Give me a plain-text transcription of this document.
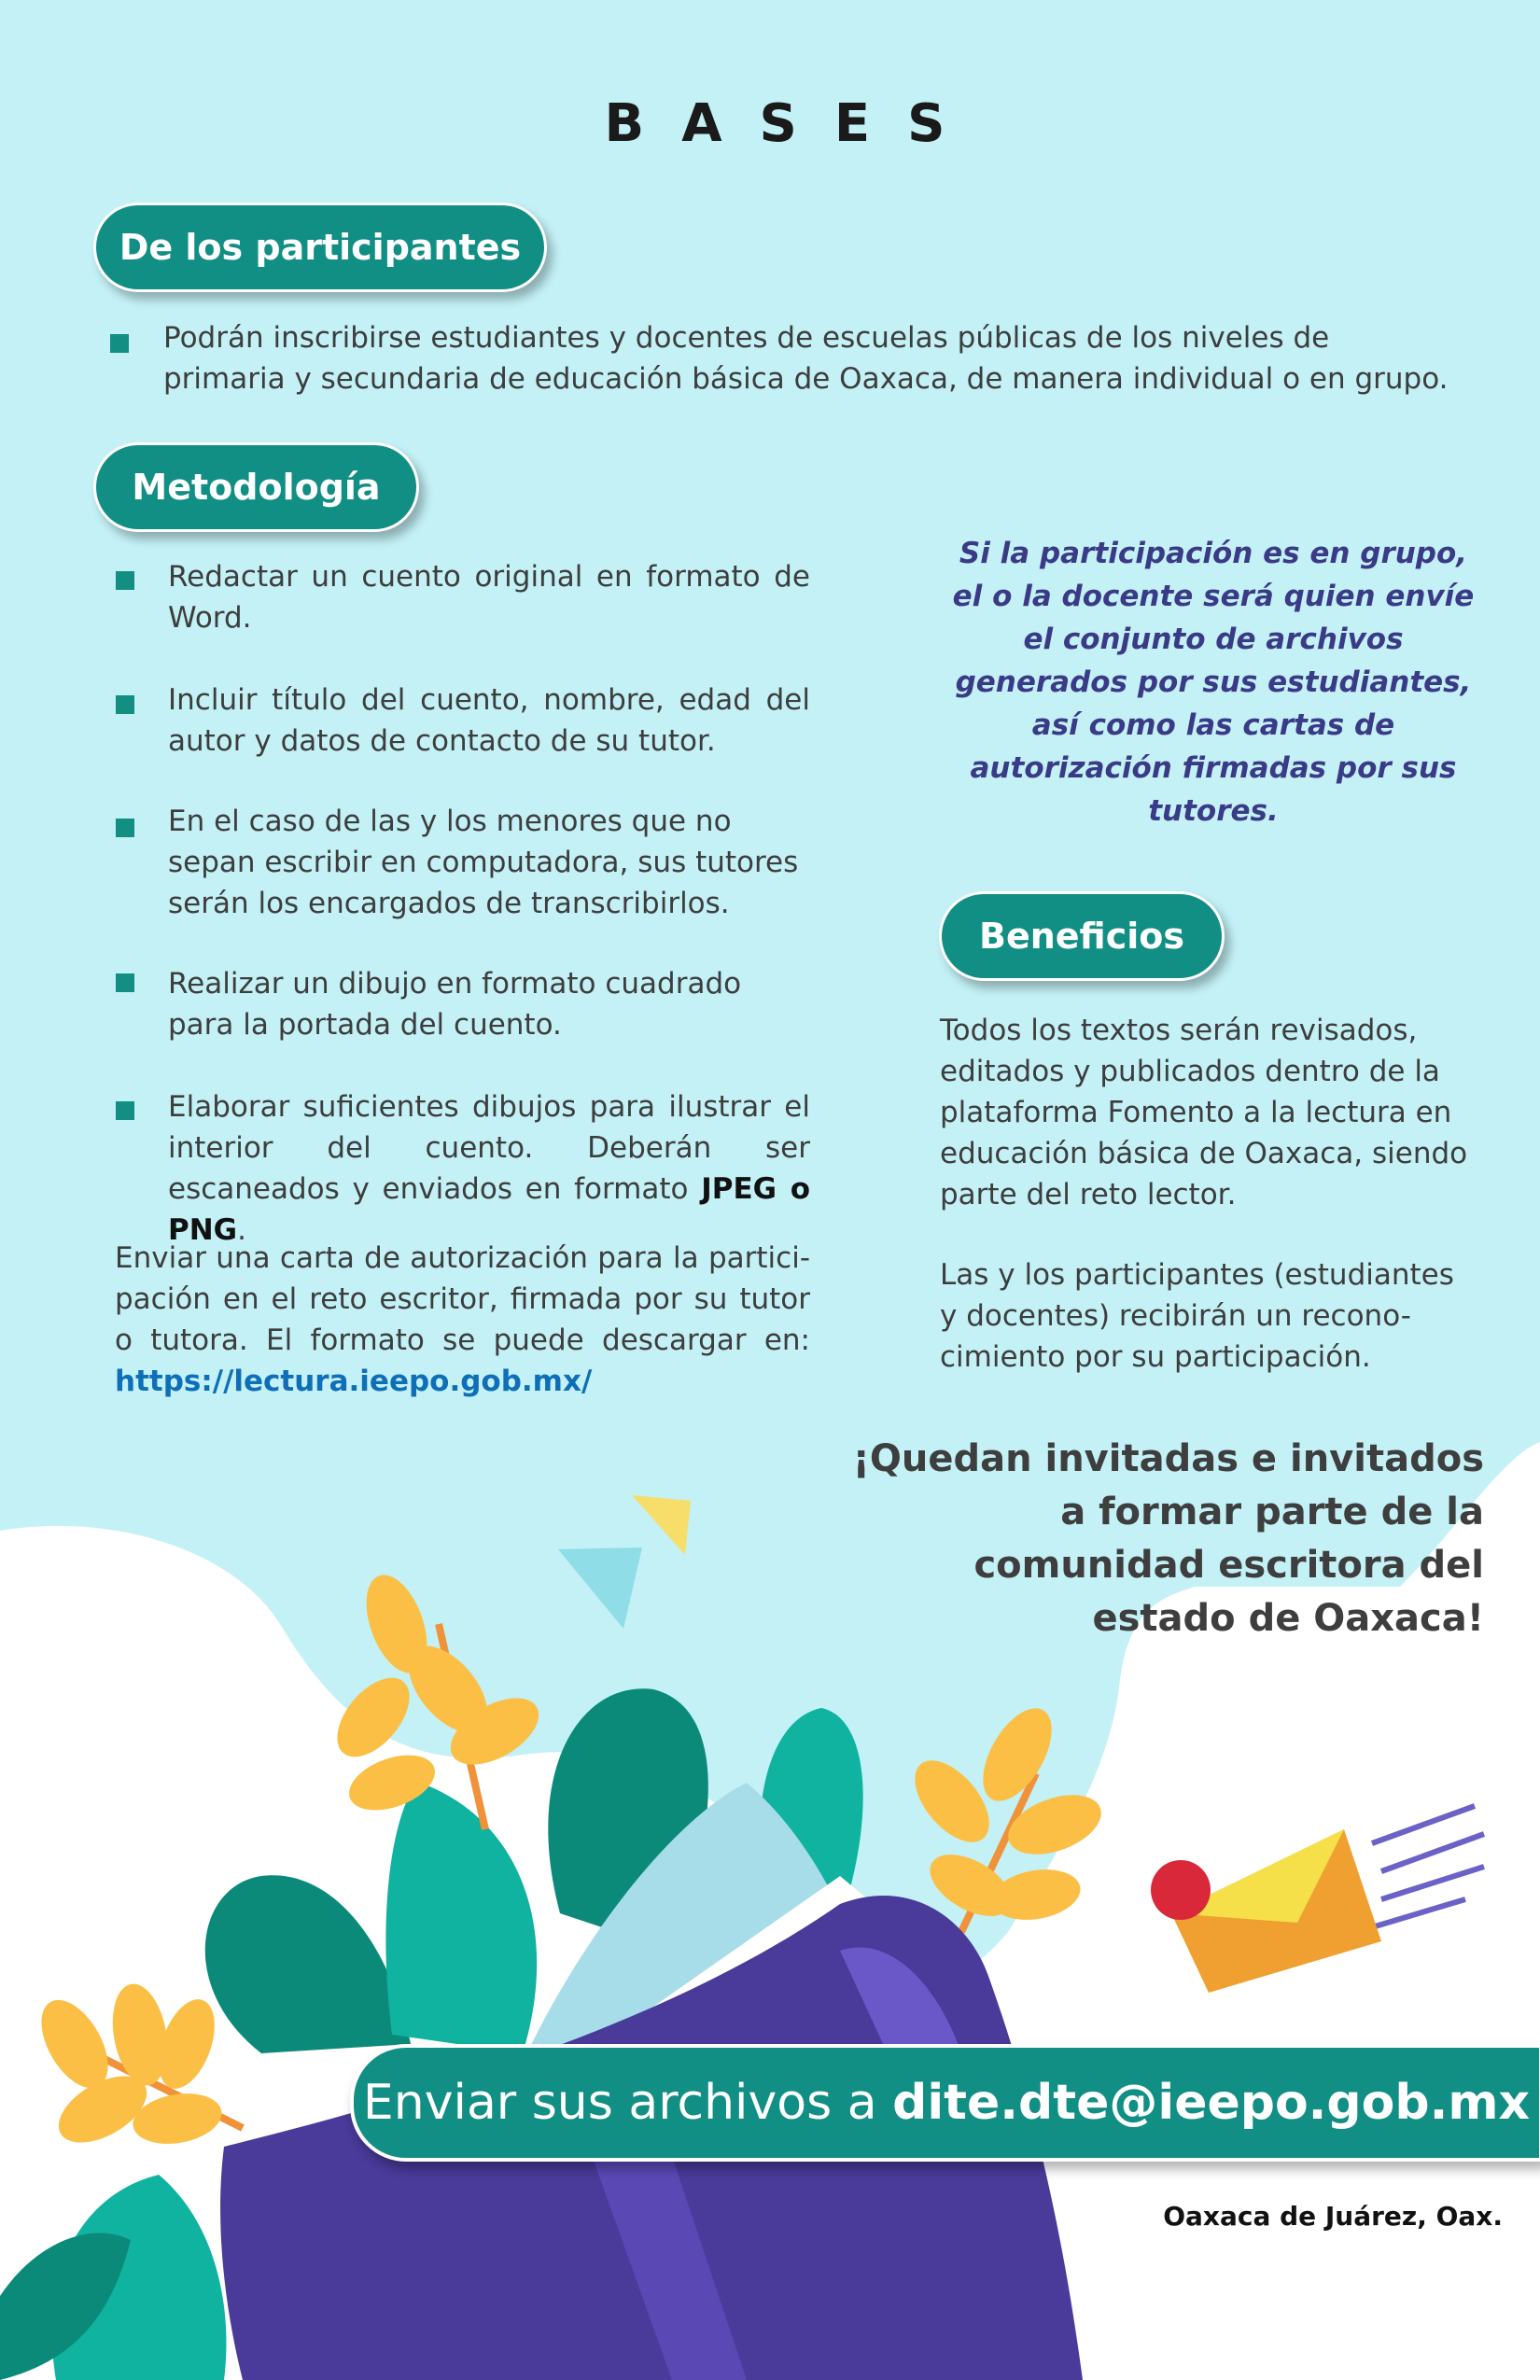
BASES
De los participantes
Podrán inscribirse estudiantes y docentes de escuelas públicas de los niveles de primaria y secundaria de educación básica de Oaxaca, de manera individual o en grupo.
Metodología
Redactar un cuento original en formato de Word.
Incluir título del cuento, nombre, edad del autor y datos de contacto de su tutor.
En el caso de las y los menores que no sepan escribir en computadora, sus tutores serán los encargados de transcribirlos.
Realizar un dibujo en formato cuadrado para la portada del cuento.
Elaborar suficientes dibujos para ilustrar el interior del cuento. Deberán ser escaneados y enviados en formato JPEG o PNG.
Enviar una carta de autorización para la partici-pación en el reto escritor, firmada por su tutor o tutora. El formato se puede descargar en: https://lectura.ieepo.gob.mx/
Si la participación es en grupo, el o la docente será quien envíe el conjunto de archivos generados por sus estudiantes, así como las cartas de autorización firmadas por sus tutores.
Beneficios
Todos los textos serán revisados, editados y publicados dentro de la plataforma Fomento a la lectura en educación básica de Oaxaca, siendo parte del reto lector.
Las y los participantes (estudiantes y docentes) recibirán un recono-cimiento por su participación.
¡Quedan invitadas e invitados a formar parte de la comunidad escritora del estado de Oaxaca!
Enviar sus archivos a dite.dte@ieepo.gob.mx
Oaxaca de Juárez, Oax.
